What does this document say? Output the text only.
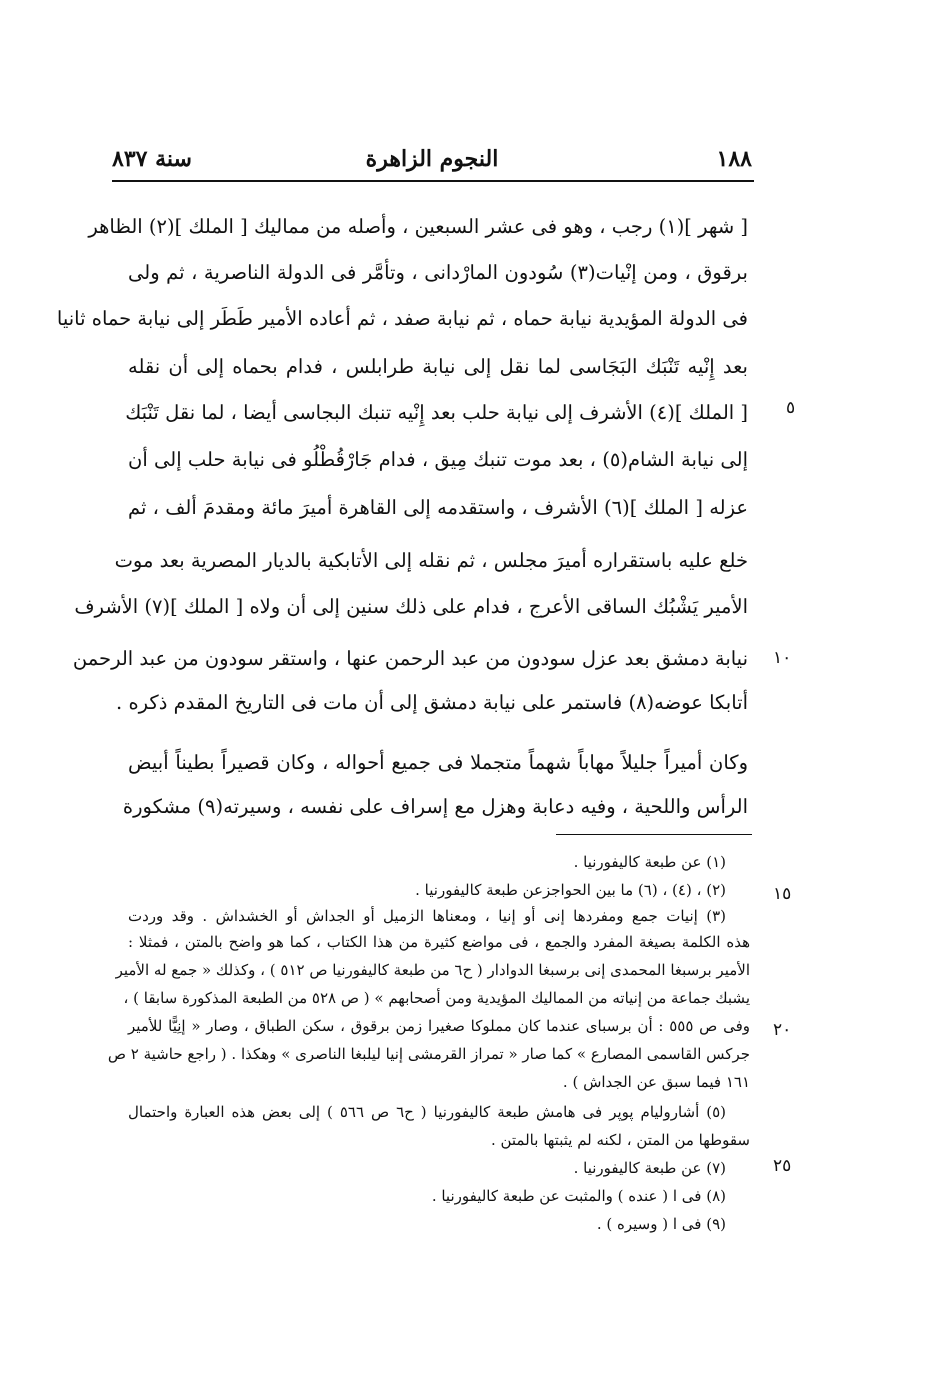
١٨٨
النجوم الزاهرة
سنة ٨٣٧
[ شهر ](١) رجب ، وهو فى عشر السبعين ، وأصله من مماليك [ الملك ](٢) الظاهر
برقوق ، ومن إنْيات(٣) سُودون المارْدانى ، وتأمَّر فى الدولة الناصرية ، ثم ولى
فى الدولة المؤيدية نيابة حماه ، ثم نيابة صفد ، ثم أعاده الأمير طَطَر إلى نيابة حماه ثانيا
بعد إِنْيه تَنْبَك البَجَاسى لما نقل إلى نيابة طرابلس ، فدام بحماه إلى أن نقله
[ الملك ](٤) الأشرف إلى نيابة حلب بعد إِنْيه تنبك البجاسى أيضا ، لما نقل تَنْبَك
إلى نيابة الشام(٥) ، بعد موت تنبك مِيق ، فدام جَارْقُطْلُو فى نيابة حلب إلى أن
عزله [ الملك ](٦) الأشرف ، واستقدمه إلى القاهرة أميرَ مائة ومقدمَ ألف ، ثم
خلع عليه باستقراره أميرَ مجلس ، ثم نقله إلى الأتابكية بالديار المصرية بعد موت
الأمير يَشْبُك الساقى الأعرج ، فدام على ذلك سنين إلى أن ولاه [ الملك ](٧) الأشرف
نيابة دمشق بعد عزل سودون من عبد الرحمن عنها ، واستقر سودون من عبد الرحمن
أتابكا عوضه(٨) فاستمر على نيابة دمشق إلى أن مات فى التاريخ المقدم ذكره .
وكان أميراً جليلاً مهاباً شهماً متجملا فى جميع أحواله ، وكان قصيراً بطيناً أبيض
الرأس واللحية ، وفيه دعابة وهزل مع إسراف على نفسه ، وسيرته(٩) مشكورة
٥
١٠
١٥
٢٠
٢٥
(١) عن طبعة كاليفورنيا .
(٢) ، (٤) ، (٦) ما بين الحواجزعن طبعة كاليفورنيا .
(٣) إنيات جمع ومفردها إنى أو إنيا ، ومعناها الزميل أو الجداش أو الخشداش . وقد وردت
هذه الكلمة بصيغة المفرد والجمع ، فى مواضع كثيرة من هذا الكتاب ، كما هو واضح بالمتن ، فمثلا :
الأمير برسبغا المحمدى إنى برسبغا الدوادار ( ح٦ من طبعة كاليفورنيا ص ٥١٢ ) ، وكذلك « جمع له الأمير
يشبك جماعة من إنياته من المماليك المؤيدية ومن أصحابهم » ( ص ٥٢٨ من الطبعة المذكورة سابقا ) ،
وفى ص ٥٥٥ : أن برسباى عندما كان مملوكا صغيرا زمن برقوق ، سكن الطباق ، وصار « إنِيًّا للأمير
جركس القاسمى المصارع » كما صار « تمراز القرمشى إنيا ليلبغا الناصرى » وهكذا . ( راجع حاشية ٢ ص
١٦١ فيما سبق عن الجداش ) .
(٥) أشارولیام پوپر فى هامش طبعة كاليفورنيا ( ح٦ ص ٥٦٦ ) إلى بعض هذه العبارة واحتمال
سقوطها من المتن ، لكنه لم يثبتها بالمتن .
(٧) عن طبعة كاليفورنيا .
(٨) فى ا ( عنده ) والمثبت عن طبعة كاليفورنيا .
(٩) فى ا ( وسيره ) .
